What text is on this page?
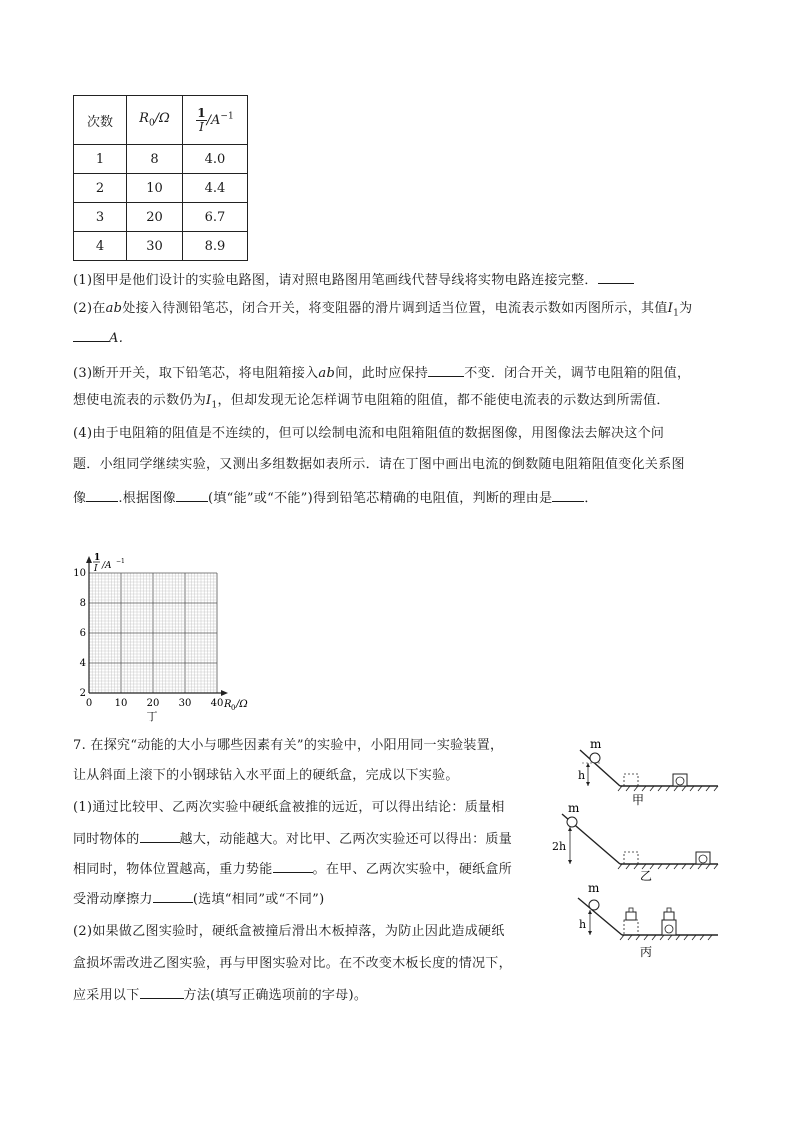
次数	$R_0/\Omega$	$\frac{1}{I} /A^{-1}$
1	8	4.0
2	10	4.4
3	20	6.7
4	30	8.9
(1)图甲是他们设计的实验电路图，请对照电路图用笔画线代替导线将实物电路连接完整．
(2)在ab处接入待测铅笔芯，闭合开关，将变阻器的滑片调到适当位置，电流表示数如丙图所示，其值$I_1$为
A.
(3)断开开关，取下铅笔芯，将电阻箱接入ab间，此时应保持	不变．闭合开关，调节电阻箱的阻值，
想使电流表的示数仍为$I_1$，但却发现无论怎样调节电阻箱的阻值，都不能使电流表的示数达到所需值．
(4)由于电阻箱的阻值是不连续的，但可以绘制电流和电阻箱阻值的数据图像，用图像法去解决这个问
题．小组同学继续实验，又测出多组数据如表所示．请在丁图中画出电流的倒数随电阻箱阻值变化关系图
像 .根据图像 (填“能”或“不能”)得到铅笔芯精确的电阻值，判断的理由是 ．
1
I /A −1
R 0 /Ω
0 10 20 30 40
2
4
6
8
10
丁
7. 在探究“动能的大小与哪些因素有关”的实验中，小阳用同一实验装置，
让从斜面上滚下的小钢球钻入水平面上的硬纸盒，完成以下实验。
(1)通过比较甲、乙两次实验中硬纸盒被推的远近，可以得出结论：质量相
同时物体的	越大，动能越大。对比甲、乙两次实验还可以得出：质量
相同时，物体位置越高，重力势能	。在甲、乙两次实验中，硬纸盒所
受滑动摩擦力	(选填“相同”或“不同”)
(2)如果做乙图实验时，硬纸盒被撞后滑出木板掉落，为防止因此造成硬纸
盒损坏需改进乙图实验，再与甲图实验对比。在不改变木板长度的情况下，
应采用以下	方法(填写正确选项前的字母)。
m
h
甲
m
2h
乙
m
h
丙
